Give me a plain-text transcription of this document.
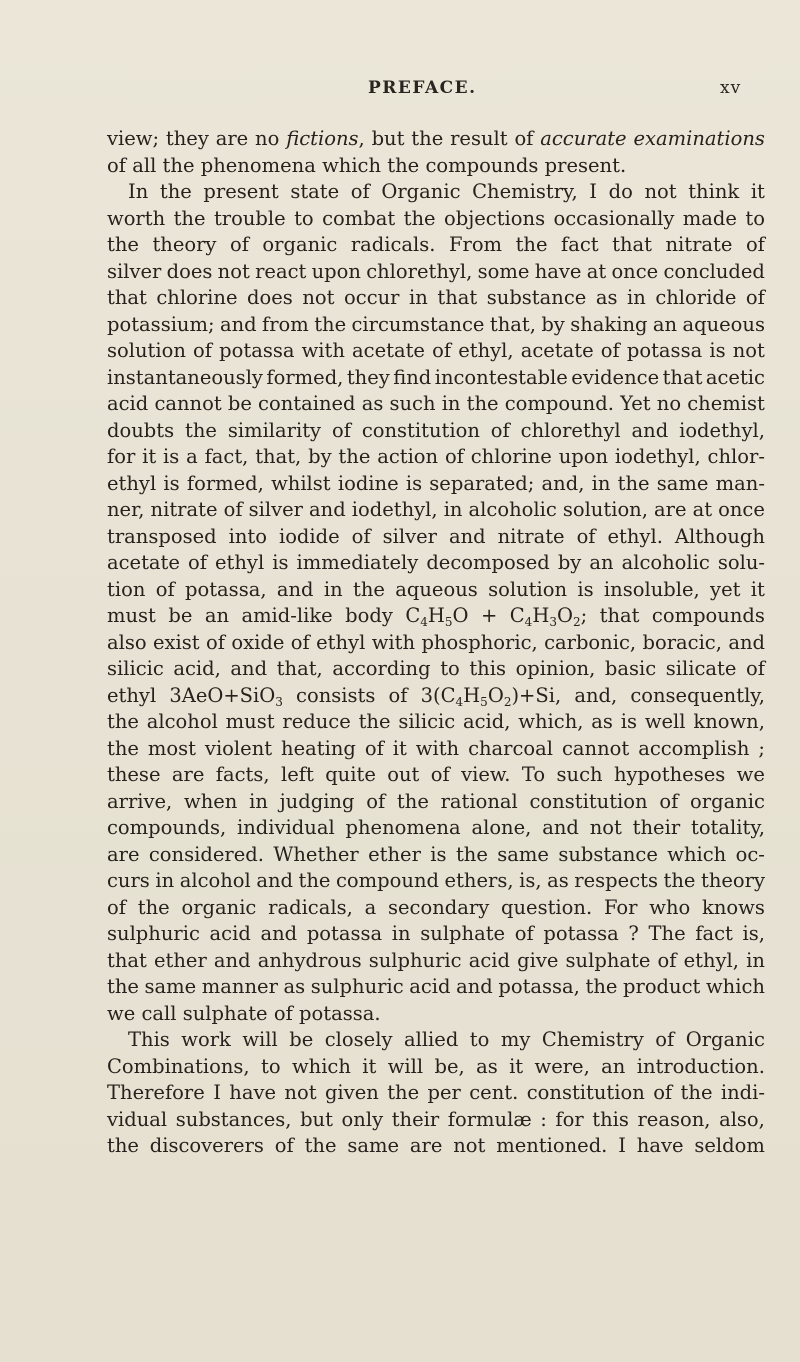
PREFACE.	xv
view; they are no fictions, but the result of accurate examinations
of all the phenomena which the compounds present.
In the present state of Organic Chemistry, I do not think it
worth the trouble to combat the objections occasionally made to
the theory of organic radicals. From the fact that nitrate of
silver does not react upon chlorethyl, some have at once concluded
that chlorine does not occur in that substance as in chloride of
potassium; and from the circumstance that, by shaking an aqueous
solution of potassa with acetate of ethyl, acetate of potassa is not
instantaneously formed, they find incontestable evidence that acetic
acid cannot be contained as such in the compound. Yet no chemist
doubts the similarity of constitution of chlorethyl and iodethyl,
for it is a fact, that, by the action of chlorine upon iodethyl, chlor-
ethyl is formed, whilst iodine is separated; and, in the same man-
ner, nitrate of silver and iodethyl, in alcoholic solution, are at once
transposed into iodide of silver and nitrate of ethyl. Although
acetate of ethyl is immediately decomposed by an alcoholic solu-
tion of potassa, and in the aqueous solution is insoluble, yet it
must be an amid-like body $C_4H_5O + C_4H_3O_2$; that compounds
also exist of oxide of ethyl with phosphoric, carbonic, boracic, and
silicic acid, and that, according to this opinion, basic silicate of
ethyl 3AeO+SiO$_3$ consists of $3(C_4H_5O_2)+Si$, and, consequently,
the alcohol must reduce the silicic acid, which, as is well known,
the most violent heating of it with charcoal cannot accomplish ;
these are facts, left quite out of view. To such hypotheses we
arrive, when in judging of the rational constitution of organic
compounds, individual phenomena alone, and not their totality,
are considered. Whether ether is the same substance which oc-
curs in alcohol and the compound ethers, is, as respects the theory
of the organic radicals, a secondary question. For who knows
sulphuric acid and potassa in sulphate of potassa ? The fact is,
that ether and anhydrous sulphuric acid give sulphate of ethyl, in
the same manner as sulphuric acid and potassa, the product which
we call sulphate of potassa.
This work will be closely allied to my Chemistry of Organic
Combinations, to which it will be, as it were, an introduction.
Therefore I have not given the per cent. constitution of the indi-
vidual substances, but only their formulæ : for this reason, also,
the discoverers of the same are not mentioned. I have seldom
